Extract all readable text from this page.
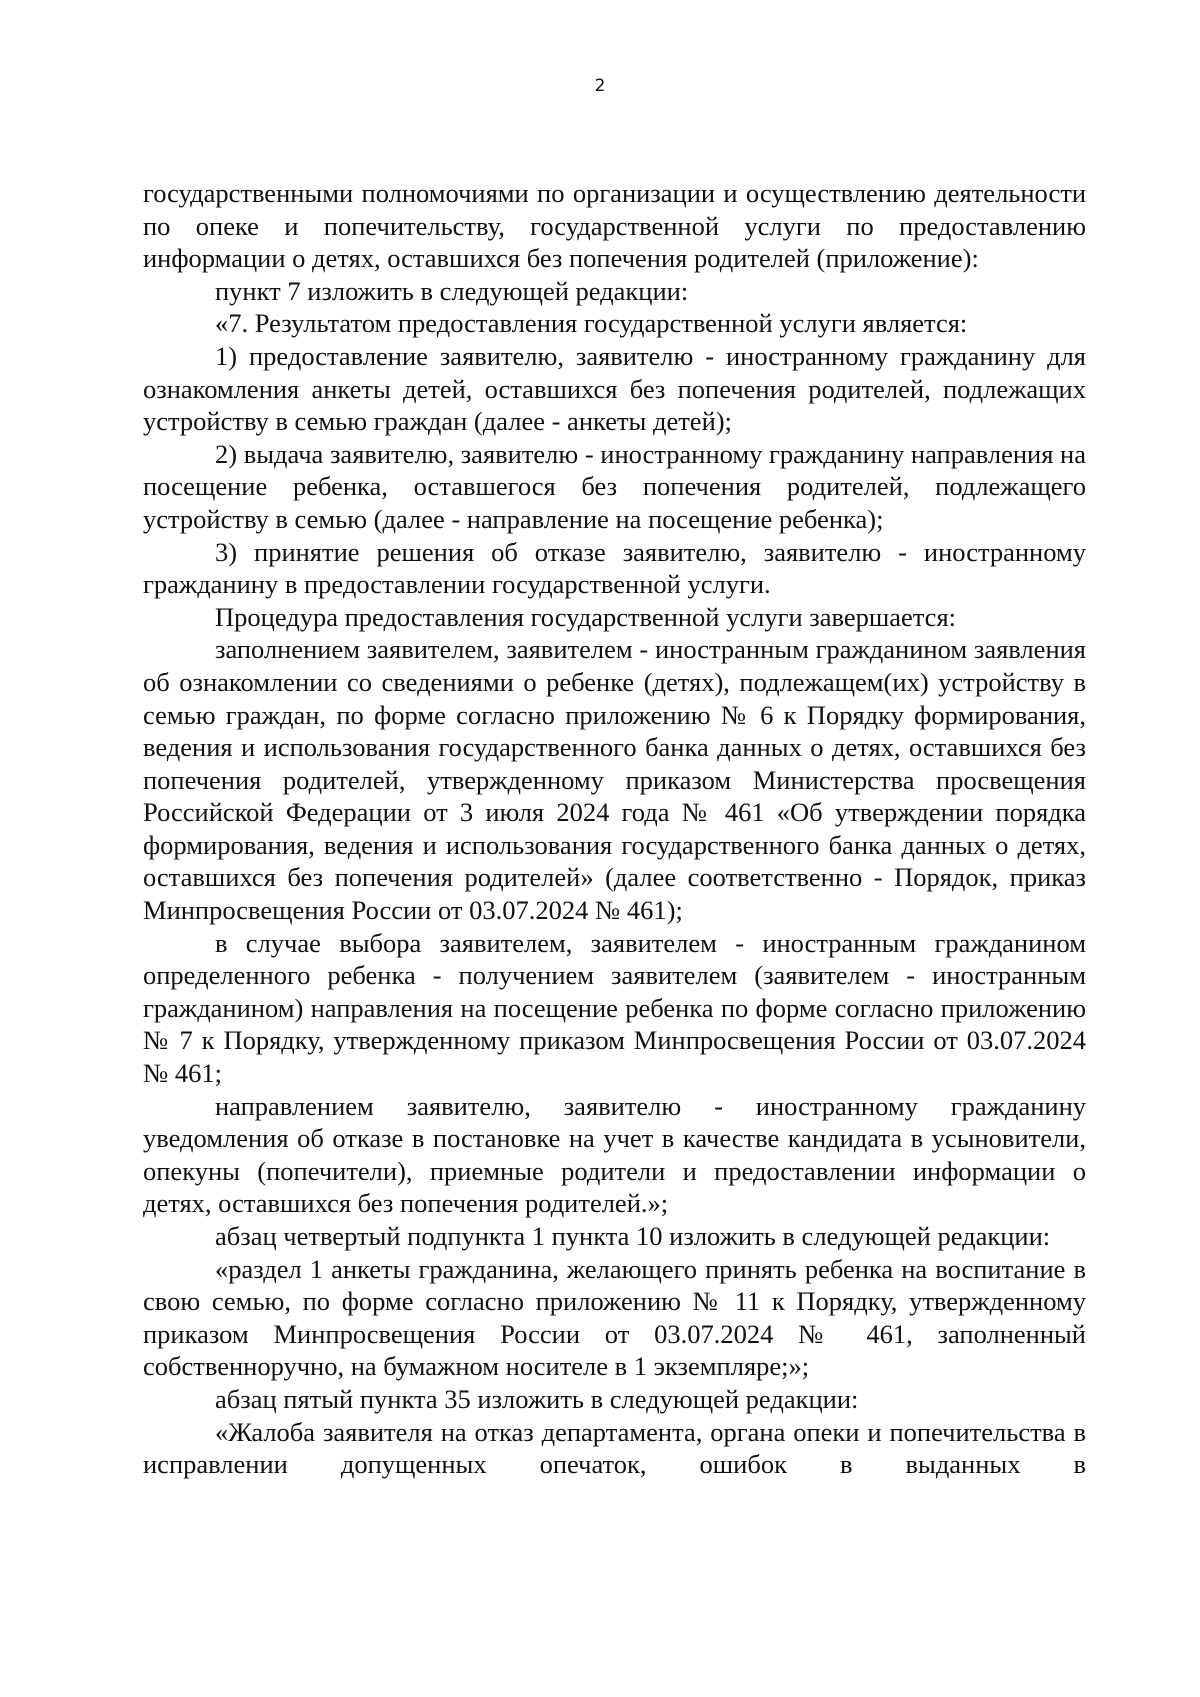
2

государственными полномочиями по организации и осуществлению деятельности по опеке и попечительству, государственной услуги по предоставлению информации о детях, оставшихся без попечения родителей (приложение):

пункт 7 изложить в следующей редакции:

«7. Результатом предоставления государственной услуги является:

1) предоставление заявителю, заявителю - иностранному гражданину для ознакомления анкеты детей, оставшихся без попечения родителей, подлежащих устройству в семью граждан (далее - анкеты детей);

2) выдача заявителю, заявителю - иностранному гражданину направления на посещение ребенка, оставшегося без попечения родителей, подлежащего устройству в семью (далее - направление на посещение ребенка);

3) принятие решения об отказе заявителю, заявителю - иностранному гражданину в предоставлении государственной услуги.

Процедура предоставления государственной услуги завершается:

заполнением заявителем, заявителем - иностранным гражданином заявления об ознакомлении со сведениями о ребенке (детях), подлежащем(их) устройству в семью граждан, по форме согласно приложению № 6 к Порядку формирования, ведения и использования государственного банка данных о детях, оставшихся без попечения родителей, утвержденному приказом Министерства просвещения Российской Федерации от 3 июля 2024 года № 461 «Об утверждении порядка формирования, ведения и использования государственного банка данных о детях, оставшихся без попечения родителей» (далее соответственно - Порядок, приказ Минпросвещения России от 03.07.2024 № 461);

в случае выбора заявителем, заявителем - иностранным гражданином определенного ребенка - получением заявителем (заявителем - иностранным гражданином) направления на посещение ребенка по форме согласно приложению № 7 к Порядку, утвержденному приказом Минпросвещения России от 03.07.2024 № 461;

направлением заявителю, заявителю - иностранному гражданину уведомления об отказе в постановке на учет в качестве кандидата в усыновители, опекуны (попечители), приемные родители и предоставлении информации о детях, оставшихся без попечения родителей.»;

абзац четвертый подпункта 1 пункта 10 изложить в следующей редакции:

«раздел 1 анкеты гражданина, желающего принять ребенка на воспитание в свою семью, по форме согласно приложению № 11 к Порядку, утвержденному приказом Минпросвещения России от 03.07.2024 № 461, заполненный собственноручно, на бумажном носителе в 1 экземпляре;»;

абзац пятый пункта 35 изложить в следующей редакции:

«Жалоба заявителя на отказ департамента, органа опеки и попечительства в исправлении допущенных опечаток, ошибок в выданных в
